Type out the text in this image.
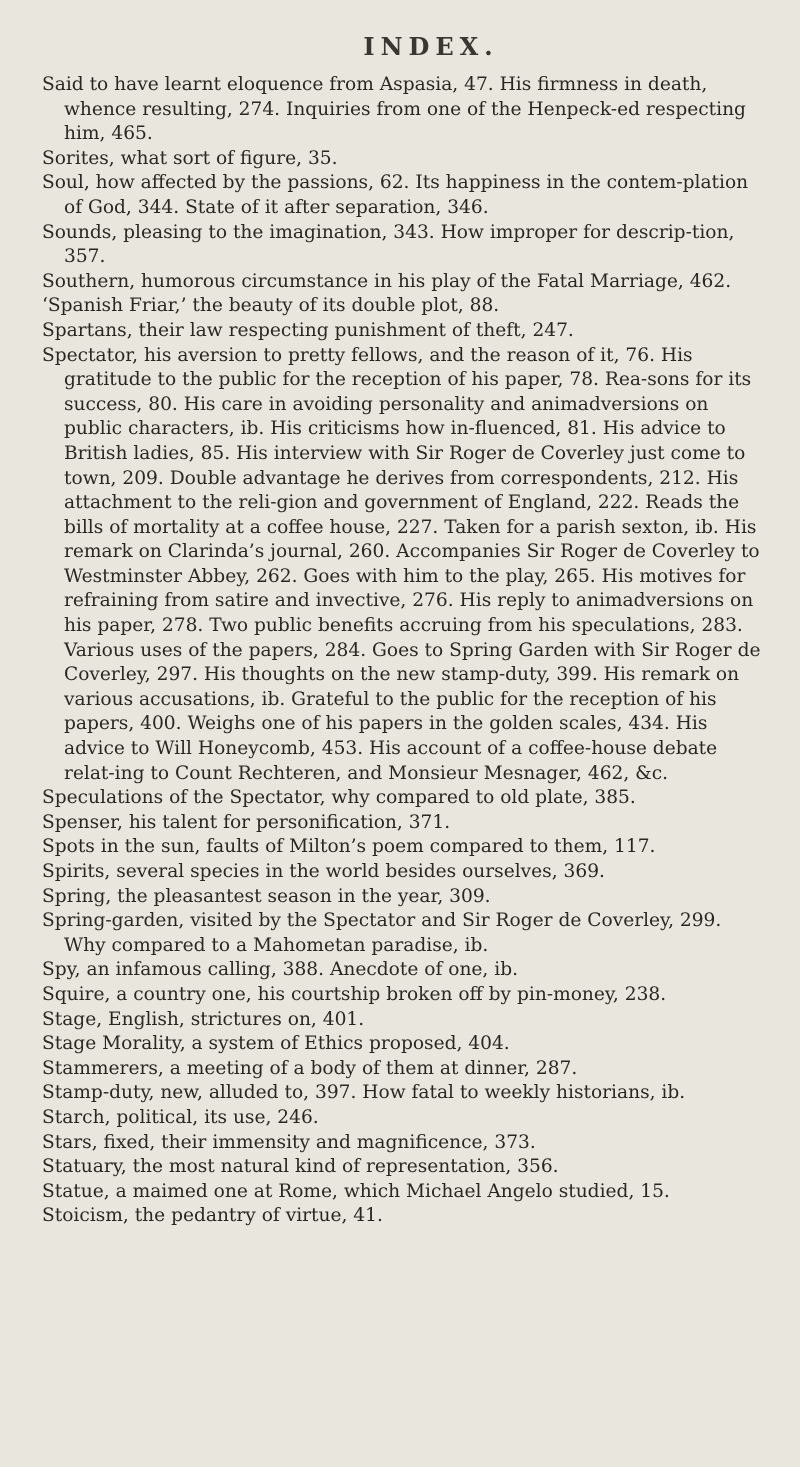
INDEX.

Said to have learnt eloquence from Aspasia, 47. His firmness in death, whence resulting, 274. Inquiries from one of the Henpeck-ed respecting him, 465.

Sorites, what sort of figure, 35.

Soul, how affected by the passions, 62. Its happiness in the contem-plation of God, 344. State of it after separation, 346.

Sounds, pleasing to the imagination, 343. How improper for descrip-tion, 357.

Southern, humorous circumstance in his play of the Fatal Marriage, 462.

‘Spanish Friar,’ the beauty of its double plot, 88.

Spartans, their law respecting punishment of theft, 247.

Spectator, his aversion to pretty fellows, and the reason of it, 76. His gratitude to the public for the reception of his paper, 78. Rea-sons for its success, 80. His care in avoiding personality and animadversions on public characters, ib. His criticisms how in-fluenced, 81. His advice to British ladies, 85. His interview with Sir Roger de Coverley just come to town, 209. Double advantage he derives from correspondents, 212. His attachment to the reli-gion and government of England, 222. Reads the bills of mortality at a coffee house, 227. Taken for a parish sexton, ib. His remark on Clarinda’s journal, 260. Accompanies Sir Roger de Coverley to Westminster Abbey, 262. Goes with him to the play, 265. His motives for refraining from satire and invective, 276. His reply to animadversions on his paper, 278. Two public benefits accruing from his speculations, 283. Various uses of the papers, 284. Goes to Spring Garden with Sir Roger de Coverley, 297. His thoughts on the new stamp-duty, 399. His remark on various accusations, ib. Grateful to the public for the reception of his papers, 400. Weighs one of his papers in the golden scales, 434. His advice to Will Honeycomb, 453. His account of a coffee-house debate relat-ing to Count Rechteren, and Monsieur Mesnager, 462, &c.

Speculations of the Spectator, why compared to old plate, 385.

Spenser, his talent for personification, 371.

Spots in the sun, faults of Milton’s poem compared to them, 117.

Spirits, several species in the world besides ourselves, 369.

Spring, the pleasantest season in the year, 309.

Spring-garden, visited by the Spectator and Sir Roger de Coverley, 299. Why compared to a Mahometan paradise, ib.

Spy, an infamous calling, 388. Anecdote of one, ib.

Squire, a country one, his courtship broken off by pin-money, 238.

Stage, English, strictures on, 401.

Stage Morality, a system of Ethics proposed, 404.

Stammerers, a meeting of a body of them at dinner, 287.

Stamp-duty, new, alluded to, 397. How fatal to weekly historians, ib.

Starch, political, its use, 246.

Stars, fixed, their immensity and magnificence, 373.

Statuary, the most natural kind of representation, 356.

Statue, a maimed one at Rome, which Michael Angelo studied, 15.

Stoicism, the pedantry of virtue, 41.
